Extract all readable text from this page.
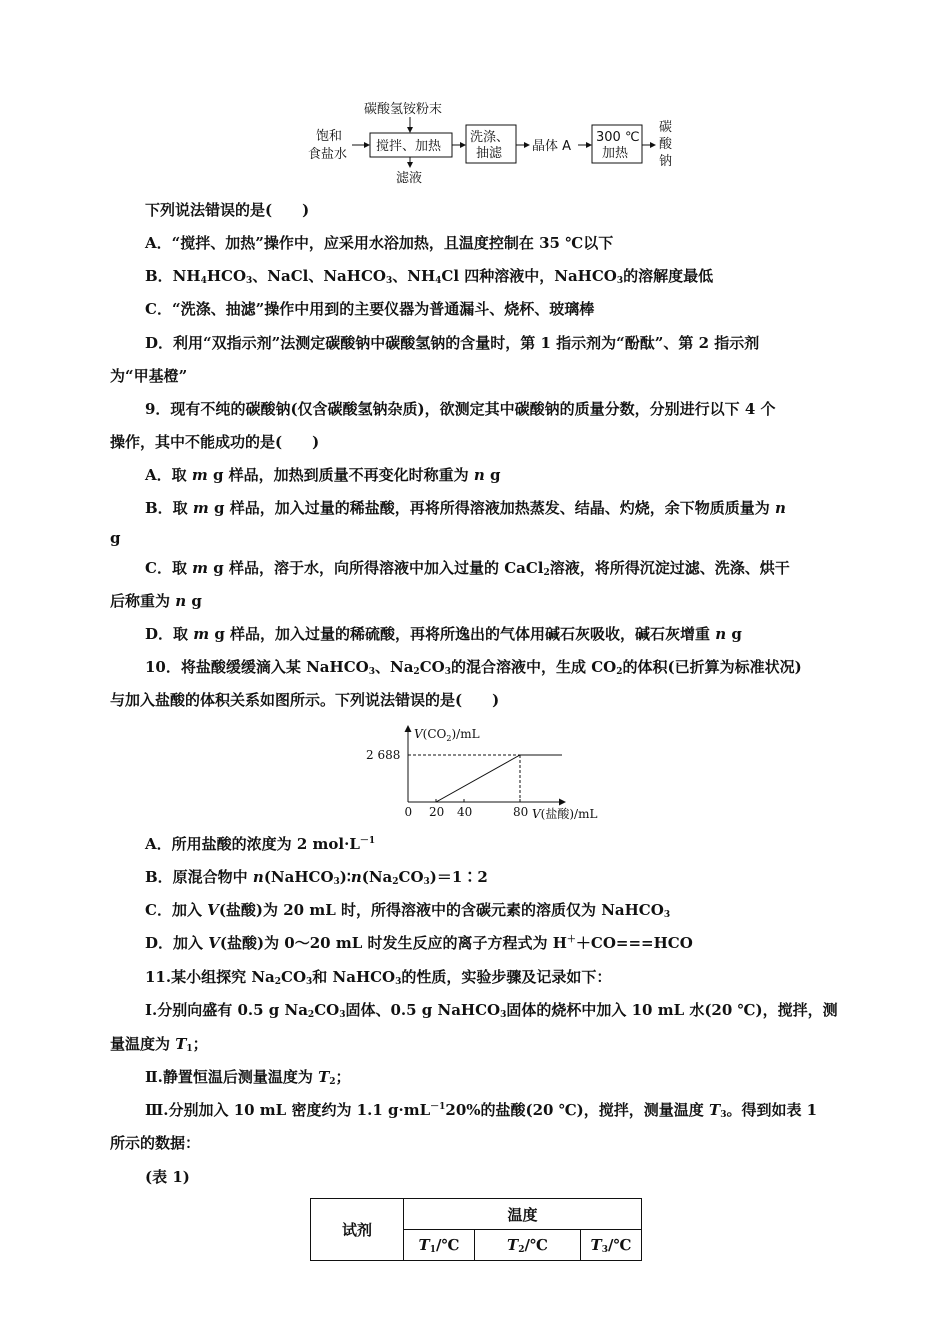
碳酸氢铵粉末
饱和
食盐水
搅拌、加热
滤液
洗涤、
抽滤 晶体 A
300 ℃
加热
碳
酸
钠
下列说法错误的是(　　)
A．“搅拌、加热”操作中，应采用水浴加热，且温度控制在 35 ℃以下
B．$NH_4HCO_3$、NaCl、NaHCO$_3$、$NH_4Cl$ 四种溶液中，NaHCO$_3$的溶解度最低
C．“洗涤、抽滤”操作中用到的主要仪器为普通漏斗、烧杯、玻璃棒
D．利用“双指示剂”法测定碳酸钠中碳酸氢钠的含量时，第 1 指示剂为“酚酞”、第 2 指示剂
为“甲基橙”
9．现有不纯的碳酸钠(仅含碳酸氢钠杂质)，欲测定其中碳酸钠的质量分数，分别进行以下 4 个
操作，其中不能成功的是(　　)
A．取 m g 样品，加热到质量不再变化时称重为 n g
B．取 m g 样品，加入过量的稀盐酸，再将所得溶液加热蒸发、结晶、灼烧，余下物质质量为 n
g
C．取 m g 样品，溶于水，向所得溶液中加入过量的 CaCl$_2$溶液，将所得沉淀过滤、洗涤、烘干
后称重为 n g
D．取 m g 样品，加入过量的稀硫酸，再将所逸出的气体用碱石灰吸收，碱石灰增重 n g
10．将盐酸缓缓滴入某 NaHCO$_3$、$Na_2CO_3$的混合溶液中，生成 $CO_2$的体积(已折算为标准状况)
与加入盐酸的体积关系如图所示。下列说法错误的是(　　)
$V(CO_2)/mL$
V(盐酸)/mL
2 688
0 20 40	80
A．所用盐酸的浓度为 2 $mol\cdot L^{-1}$
B．原混合物中 $n(NaHCO_3)∶n(Na_2CO_3)=1∶2$
C．加入 V(盐酸)为 20 mL 时，所得溶液中的含碳元素的溶质仅为 NaHCO$_3$
D．加入 V(盐酸)为 0～20 mL 时发生反应的离子方程式为 H＋＋CO===HCO
11.某小组探究 $Na_2CO_3$和 NaHCO$_3$的性质，实验步骤及记录如下：
Ⅰ.分别向盛有 0.5 g $Na_2CO_3$固体、0.5 g NaHCO$_3$固体的烧杯中加入 10 mL 水(20 ℃)，搅拌，测
量温度为 $T_1$；
Ⅱ.静置恒温后测量温度为 $T_2$；
Ⅲ.分别加入 10 mL 密度约为 1.1 $g\cdot mL^{-1}20\%$的盐酸(20 ℃)，搅拌，测量温度 $T_3$。得到如表 1
所示的数据：
(表 1)
试剂	温度		
	$T_1/℃$	$T_2/℃$	$T_3/℃$
